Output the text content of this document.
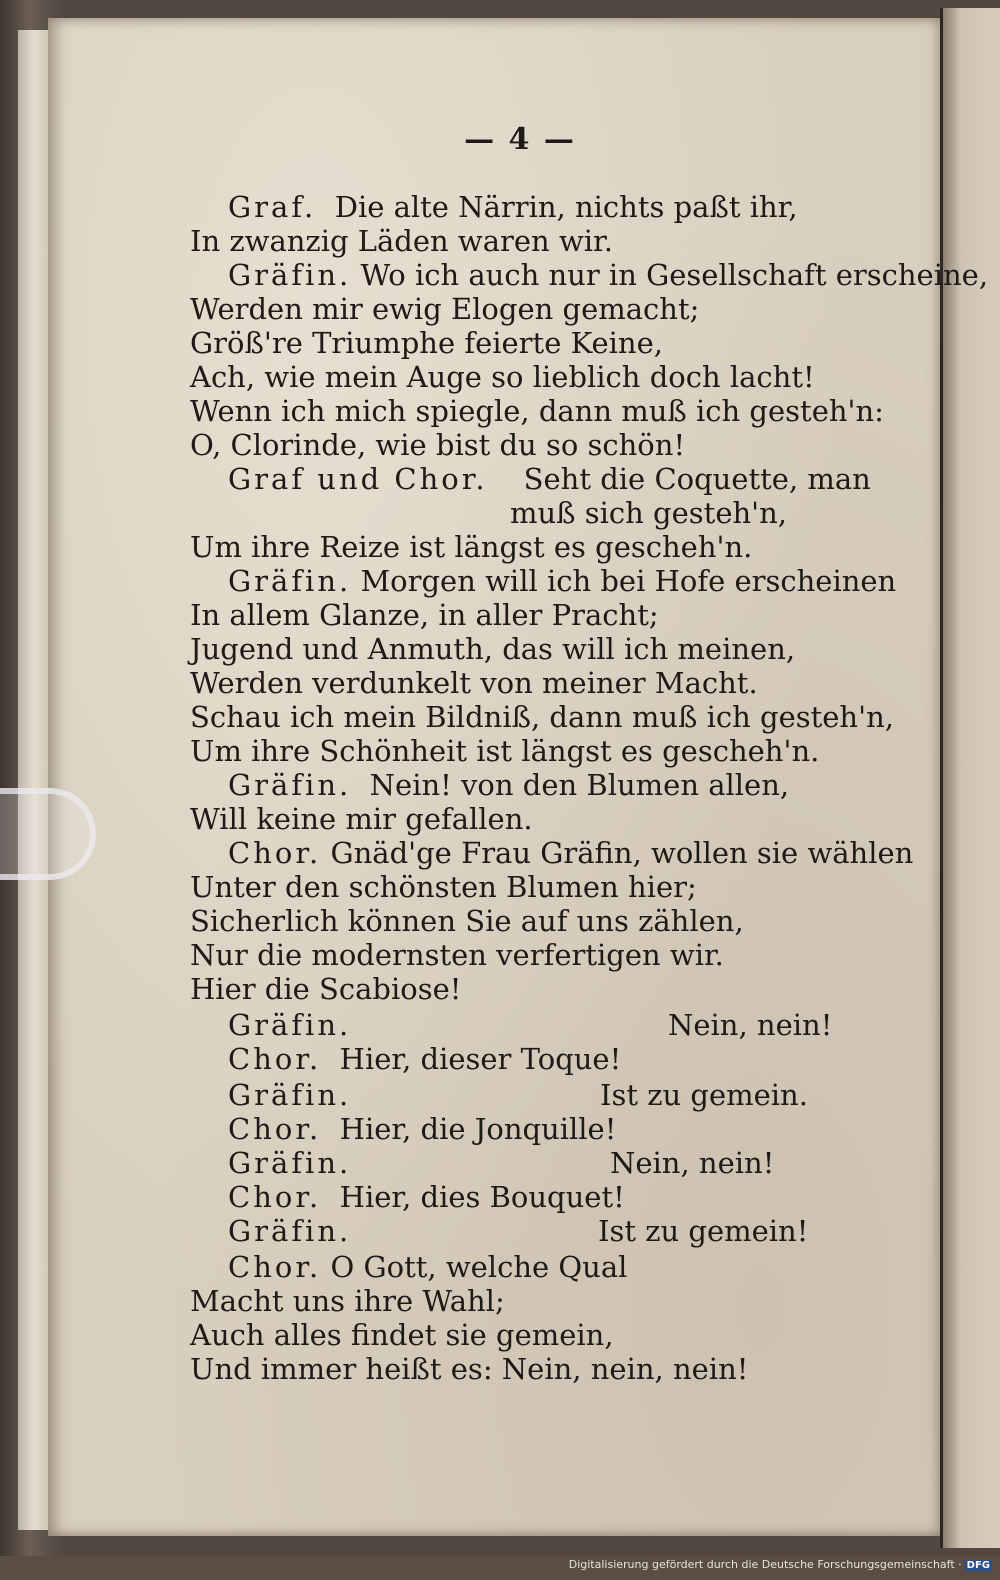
— 4 —
Graf. Die alte Närrin, nichts paßt ihr,
In zwanzig Läden waren wir.
Gräfin. Wo ich auch nur in Gesellschaft erscheine,
Werden mir ewig Elogen gemacht;
Größ're Triumphe feierte Keine,
Ach, wie mein Auge so lieblich doch lacht!
Wenn ich mich spiegle, dann muß ich gesteh'n:
O, Clorinde, wie bist du so schön!
Graf und Chor. Seht die Coquette, man
muß sich gesteh'n,
Um ihre Reize ist längst es gescheh'n.
Gräfin. Morgen will ich bei Hofe erscheinen
In allem Glanze, in aller Pracht;
Jugend und Anmuth, das will ich meinen,
Werden verdunkelt von meiner Macht.
Schau ich mein Bildniß, dann muß ich gesteh'n,
Um ihre Schönheit ist längst es gescheh'n.
Gräfin. Nein! von den Blumen allen,
Will keine mir gefallen.
Chor. Gnäd'ge Frau Gräfin, wollen sie wählen
Unter den schönsten Blumen hier;
Sicherlich können Sie auf uns zählen,
Nur die modernsten verfertigen wir.
Hier die Scabiose!
Gräfin.	Nein, nein!
Chor. Hier, dieser Toque!
Gräfin.	Ist zu gemein.
Chor. Hier, die Jonquille!
Gräfin.	Nein, nein!
Chor. Hier, dies Bouquet!
Gräfin.	Ist zu gemein!
Chor. O Gott, welche Qual
Macht uns ihre Wahl;
Auch alles findet sie gemein,
Und immer heißt es: Nein, nein, nein!
Digitalisierung gefördert durch die Deutsche Forschungsgemeinschaft · DFG
